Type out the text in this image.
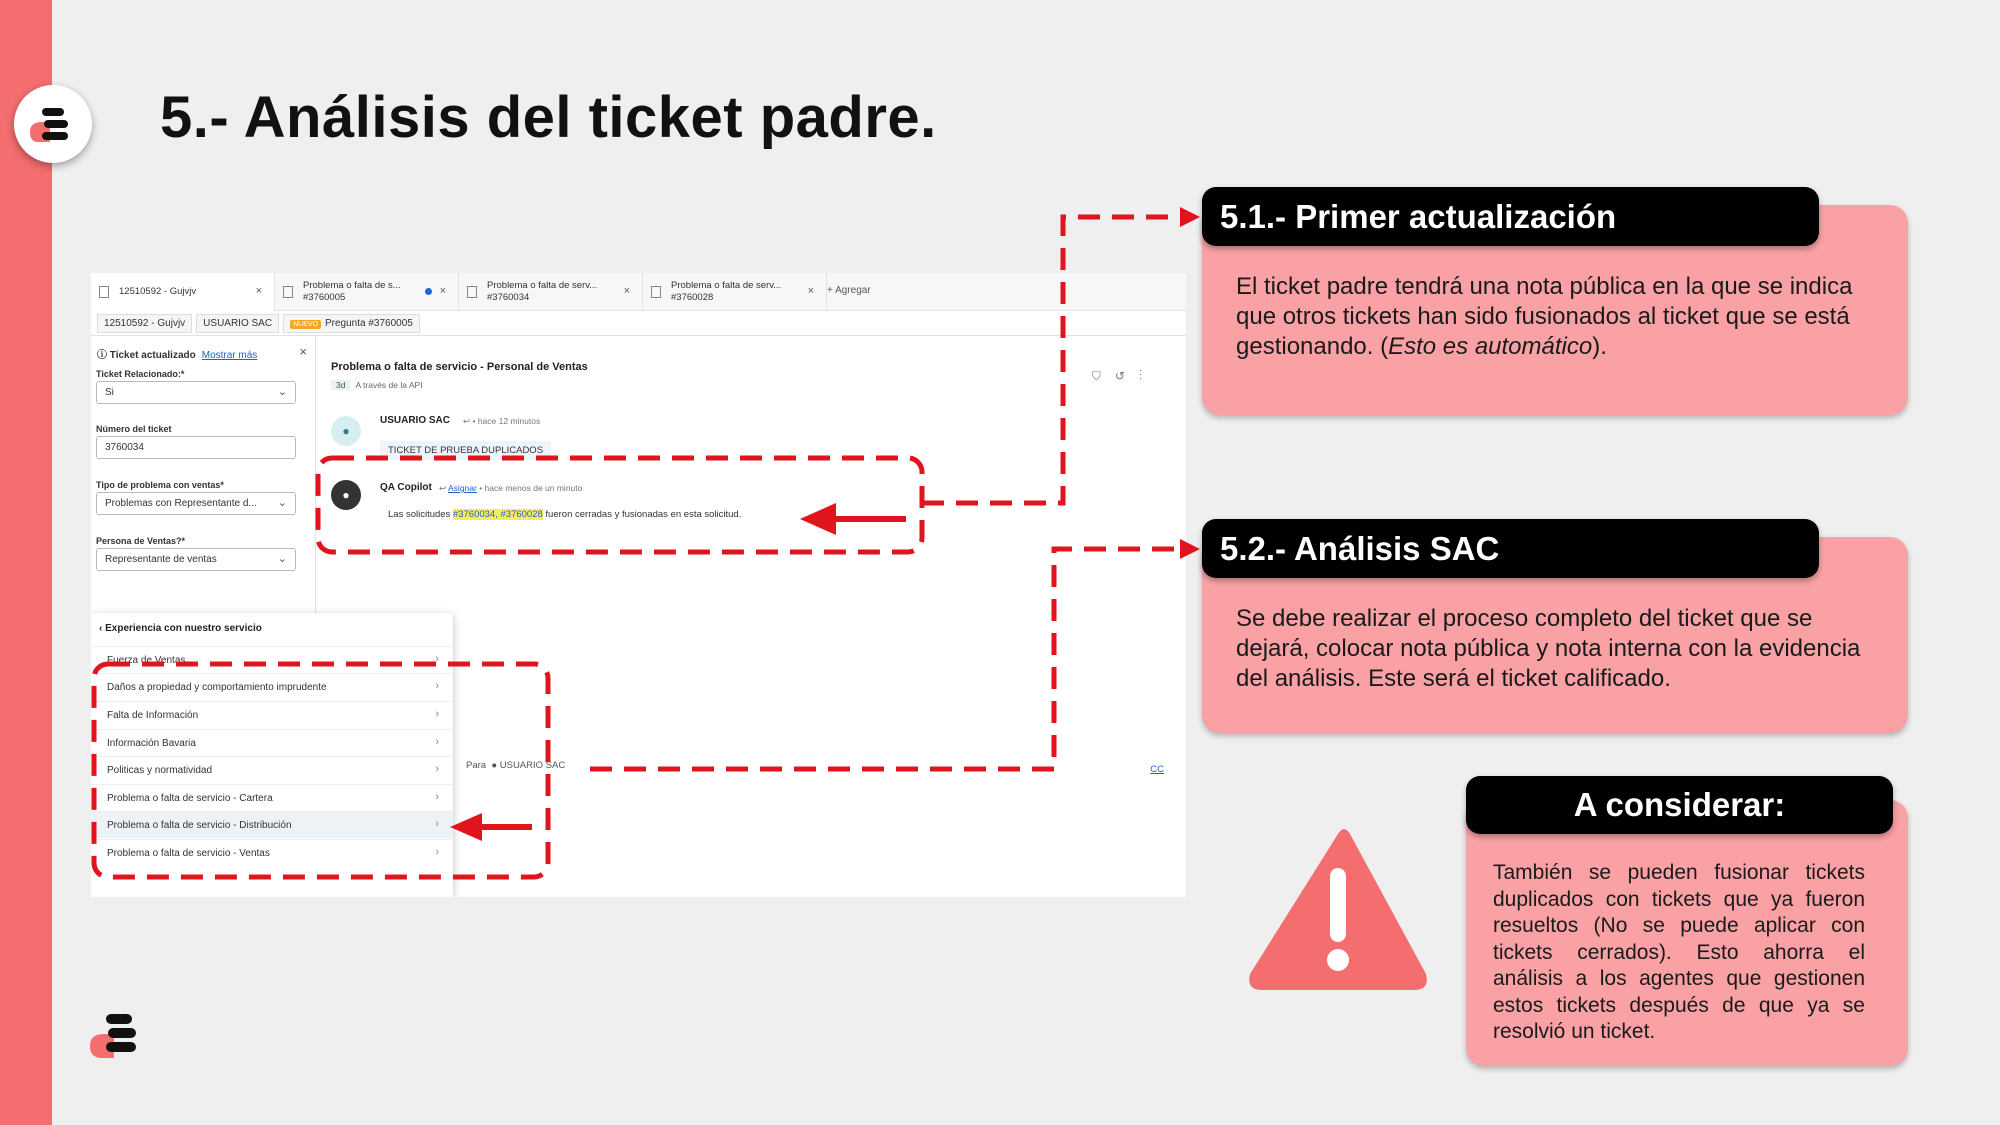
5.- Análisis del ticket padre.
12510592 - Gujvjv	×	Problema o falta de s... #3760005
×	Problema o falta de serv... #3760034
×	Problema o falta de serv... #3760028
× + Agregar
12510592 - Gujvjv	USUARIO SAC	NUEVO Pregunta #3760005
ⓘ Ticket actualizado Mostrar más	×
Ticket Relacionado:*
Si	⌄
Número del ticket
3760034
Tipo de problema con ventas*
Problemas con Representante d... ⌄
Persona de Ventas?*
Representante de ventas	⌄
Problema o falta de servicio - Personal de Ventas
3d A través de la API
⛉↺⋮
●
USUARIO SAC ↩ • hace 12 minutos
TICKET DE PRUEBA DUPLICADOS
●
QA Copilot ↩ Asignar • hace menos de un minuto
Las solicitudes #3760034, #3760028 fueron cerradas y fusionadas en esta solicitud.
Para ● USUARIO SAC	CC
‹ Experiencia con nuestro servicio
Fuerza de Ventas	›
Daños a propiedad y comportamiento imprudente	›
Falta de Información	›
Información Bavaria	›
Politicas y normatividad	›
Problema o falta de servicio - Cartera	›
Problema o falta de servicio - Distribución	›
Problema o falta de servicio - Ventas	›
5.1.- Primer actualización
El ticket padre tendrá una nota pública en la que se indica que otros tickets han sido fusionados al ticket que se está gestionando. (Esto es automático).
5.2.- Análisis SAC
Se debe realizar el proceso completo del ticket que se dejará, colocar nota pública y nota interna con la evidencia del análisis. Este será el ticket calificado.
A considerar:
También se pueden fusionar tickets duplicados con tickets que ya fueron resueltos (No se puede aplicar con tickets cerrados). Esto ahorra el análisis a los agentes que gestionen estos tickets después de que ya se resolvió un ticket.
